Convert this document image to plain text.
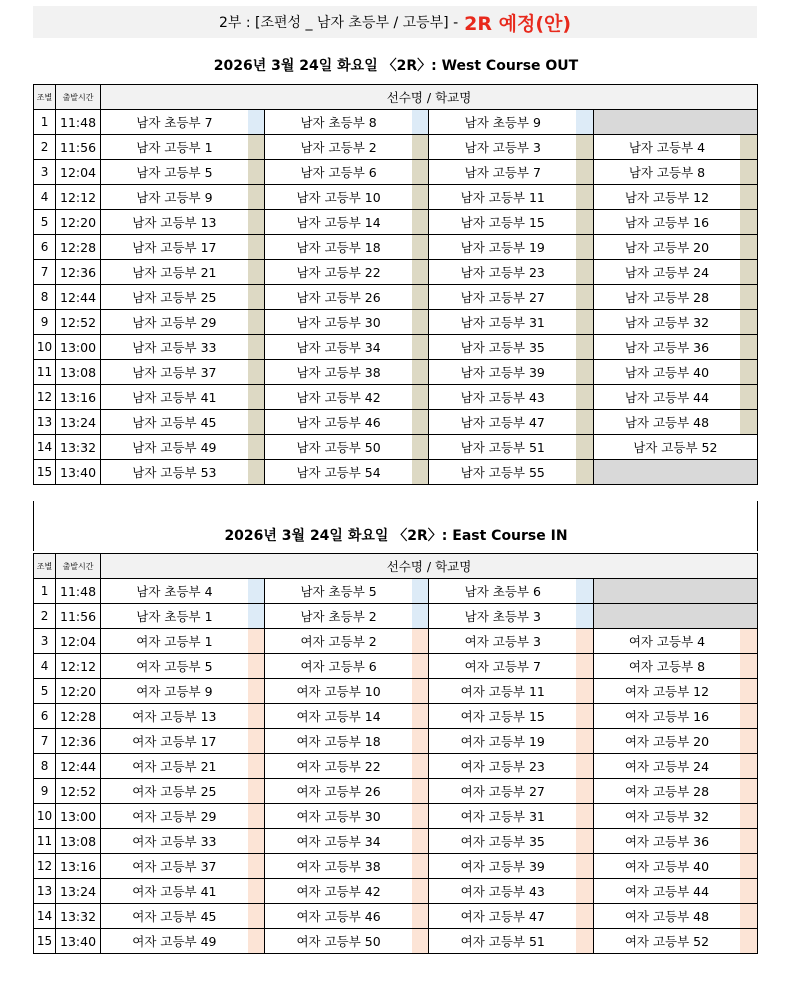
2부 : [조편성 _ 남자 초등부 / 고등부] - 2R 예정(안)
2026년 3월 24일 화요일 〈2R〉: West Course OUT
조별	출발시간	선수명 / 학교명							
1	11:48	남자 초등부 7		남자 초등부 8		남자 초등부 9			
2	11:56	남자 고등부 1		남자 고등부 2		남자 고등부 3		남자 고등부 4	
3	12:04	남자 고등부 5		남자 고등부 6		남자 고등부 7		남자 고등부 8	
4	12:12	남자 고등부 9		남자 고등부 10		남자 고등부 11		남자 고등부 12	
5	12:20	남자 고등부 13		남자 고등부 14		남자 고등부 15		남자 고등부 16	
6	12:28	남자 고등부 17		남자 고등부 18		남자 고등부 19		남자 고등부 20	
7	12:36	남자 고등부 21		남자 고등부 22		남자 고등부 23		남자 고등부 24	
8	12:44	남자 고등부 25		남자 고등부 26		남자 고등부 27		남자 고등부 28	
9	12:52	남자 고등부 29		남자 고등부 30		남자 고등부 31		남자 고등부 32	
10	13:00	남자 고등부 33		남자 고등부 34		남자 고등부 35		남자 고등부 36	
11	13:08	남자 고등부 37		남자 고등부 38		남자 고등부 39		남자 고등부 40	
12	13:16	남자 고등부 41		남자 고등부 42		남자 고등부 43		남자 고등부 44	
13	13:24	남자 고등부 45		남자 고등부 46		남자 고등부 47		남자 고등부 48	
14	13:32	남자 고등부 49		남자 고등부 50		남자 고등부 51		남자 고등부 52	
15	13:40	남자 고등부 53		남자 고등부 54		남자 고등부 55			
2026년 3월 24일 화요일 〈2R〉: East Course IN
조별	출발시간	선수명 / 학교명							
1	11:48	남자 초등부 4		남자 초등부 5		남자 초등부 6			
2	11:56	남자 초등부 1		남자 초등부 2		남자 초등부 3			
3	12:04	여자 고등부 1		여자 고등부 2		여자 고등부 3		여자 고등부 4	
4	12:12	여자 고등부 5		여자 고등부 6		여자 고등부 7		여자 고등부 8	
5	12:20	여자 고등부 9		여자 고등부 10		여자 고등부 11		여자 고등부 12	
6	12:28	여자 고등부 13		여자 고등부 14		여자 고등부 15		여자 고등부 16	
7	12:36	여자 고등부 17		여자 고등부 18		여자 고등부 19		여자 고등부 20	
8	12:44	여자 고등부 21		여자 고등부 22		여자 고등부 23		여자 고등부 24	
9	12:52	여자 고등부 25		여자 고등부 26		여자 고등부 27		여자 고등부 28	
10	13:00	여자 고등부 29		여자 고등부 30		여자 고등부 31		여자 고등부 32	
11	13:08	여자 고등부 33		여자 고등부 34		여자 고등부 35		여자 고등부 36	
12	13:16	여자 고등부 37		여자 고등부 38		여자 고등부 39		여자 고등부 40	
13	13:24	여자 고등부 41		여자 고등부 42		여자 고등부 43		여자 고등부 44	
14	13:32	여자 고등부 45		여자 고등부 46		여자 고등부 47		여자 고등부 48	
15	13:40	여자 고등부 49		여자 고등부 50		여자 고등부 51		여자 고등부 52	
